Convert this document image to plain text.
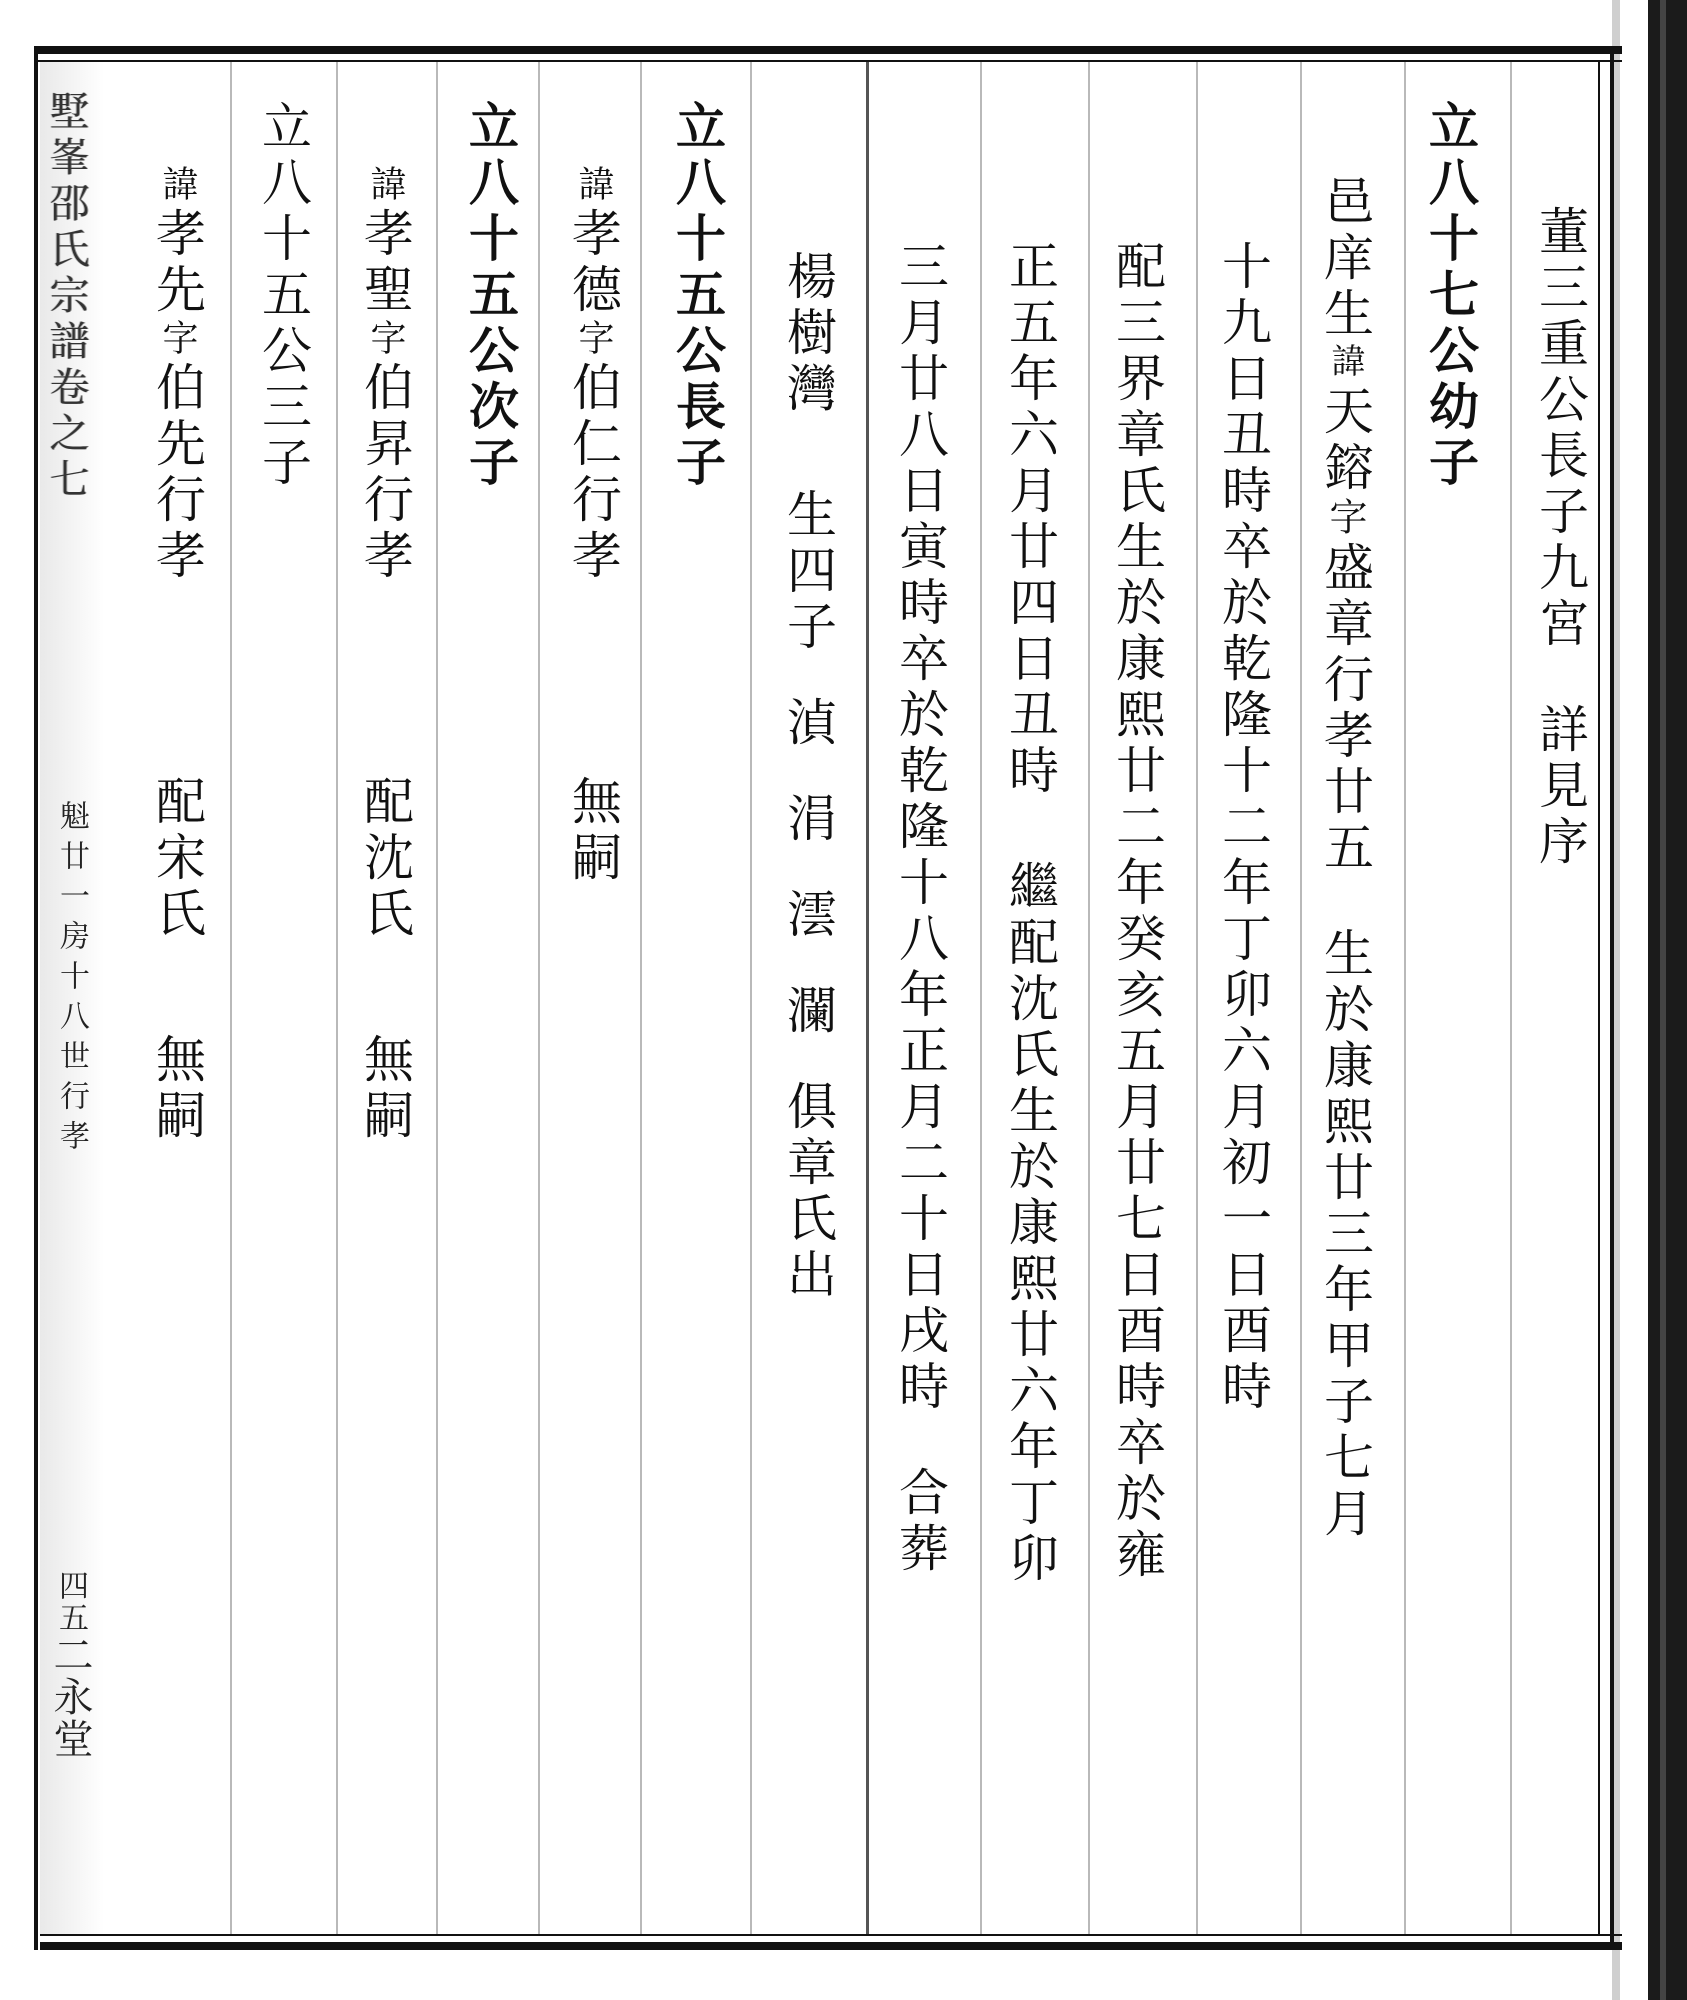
墅峯邵氏宗譜卷之七
魁廿一房十八世行孝
四五二永堂
董三重公長子九宮詳見序
立八十七公幼子
邑庠生諱天鎔字盛章行孝廿五生於康熙廿三年甲子七月
十九日丑時卒於乾隆十二年丁卯六月初一日酉時
配三界章氏生於康熙廿二年癸亥五月廿七日酉時卒於雍
正五年六月廿四日丑時繼配沈氏生於康熙廿六年丁卯
三月廿八日寅時卒於乾隆十八年正月二十日戌時合葬
楊樹灣生四子湞涓澐瀾俱章氏出
立八十五公長子
諱孝德字伯仁行孝無嗣
立八十五公次子
諱孝聖字伯昇行孝配沈氏無嗣
立八十五公三子
諱孝先字伯先行孝配宋氏無嗣
